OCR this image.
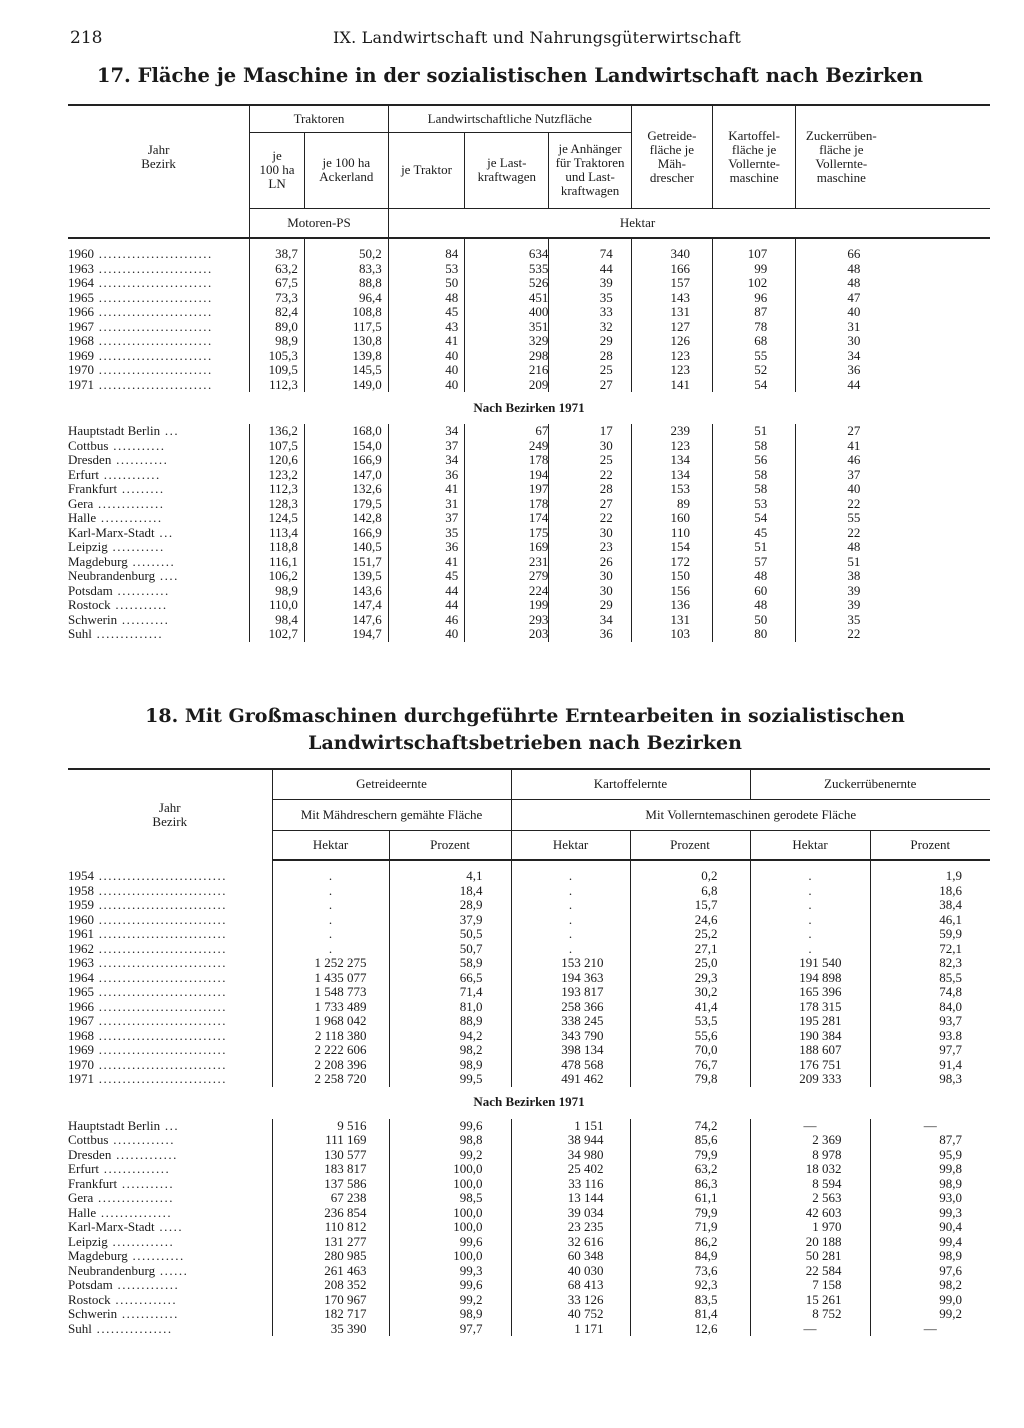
218	IX. Landwirtschaft und Nahrungsgüterwirtschaft
17. Fläche je Maschine in der sozialistischen Landwirtschaft nach Bezirken
Jahr
Bezirk	Traktoren		Landwirtschaftliche Nutzfläche			Getreide-
fläche je
Mäh-
drescher	Kartoffel-
fläche je
Vollernte-
maschine	Zuckerrüben-
fläche je
Vollernte-
maschine	
	je
100 ha
LN	je 100 ha
Ackerland	je Traktor	je Last-
kraftwagen	je Anhänger
für Traktoren
und Last-
kraftwagen				
	Motoren-PS		Hektar						

1960 ........................	38,7	50,2	84	634	74	340	107	66	
1963 ........................	63,2	83,3	53	535	44	166	99	48	
1964 ........................	67,5	88,8	50	526	39	157	102	48	
1965 ........................	73,3	96,4	48	451	35	143	96	47	
1966 ........................	82,4	108,8	45	400	33	131	87	40	
1967 ........................	89,0	117,5	43	351	32	127	78	31	
1968 ........................	98,9	130,8	41	329	29	126	68	30	
1969 ........................	105,3	139,8	40	298	28	123	55	34	
1970 ........................	109,5	145,5	40	216	25	123	52	36	
1971 ........................	112,3	149,0	40	209	27	141	54	44	
Nach Bezirken 1971									
Hauptstadt Berlin ...	136,2	168,0	34	67	17	239	51	27	
Cottbus ...........	107,5	154,0	37	249	30	123	58	41	
Dresden ...........	120,6	166,9	34	178	25	134	56	46	
Erfurt ............	123,2	147,0	36	194	22	134	58	37	
Frankfurt .........	112,3	132,6	41	197	28	153	58	40	
Gera ..............	128,3	179,5	31	178	27	89	53	22	
Halle .............	124,5	142,8	37	174	22	160	54	55	
Karl-Marx-Stadt ...	113,4	166,9	35	175	30	110	45	22	
Leipzig ...........	118,8	140,5	36	169	23	154	51	48	
Magdeburg .........	116,1	151,7	41	231	26	172	57	51	
Neubrandenburg ....	106,2	139,5	45	279	30	150	48	38	
Potsdam ...........	98,9	143,6	44	224	30	156	60	39	
Rostock ...........	110,0	147,4	44	199	29	136	48	39	
Schwerin ..........	98,4	147,6	46	293	34	131	50	35	
Suhl ..............	102,7	194,7	40	203	36	103	80	22	
18. Mit Großmaschinen durchgeführte Erntearbeiten in sozialistischen Landwirtschaftsbetrieben nach Bezirken
Jahr
Bezirk	Getreideernte		Kartoffelernte		Zuckerrübenernte	
	Mit Mähdreschern gemähte Fläche		Mit Vollerntemaschinen gerodete Fläche			
	Hektar	Prozent	Hektar	Prozent	Hektar	Prozent

1954 ...........................	.	4,1	.	0,2	.	1,9
1958 ...........................	.	18,4	.	6,8	.	18,6
1959 ...........................	.	28,9	.	15,7	.	38,4
1960 ...........................	.	37,9	.	24,6	.	46,1
1961 ...........................	.	50,5	.	25,2	.	59,9
1962 ...........................	.	50,7	.	27,1	.	72,1
1963 ...........................	1 252 275	58,9	153 210	25,0	191 540	82,3
1964 ...........................	1 435 077	66,5	194 363	29,3	194 898	85,5
1965 ...........................	1 548 773	71,4	193 817	30,2	165 396	74,8
1966 ...........................	1 733 489	81,0	258 366	41,4	178 315	84,0
1967 ...........................	1 968 042	88,9	338 245	53,5	195 281	93,7
1968 ...........................	2 118 380	94,2	343 790	55,6	190 384	93.8
1969 ...........................	2 222 606	98,2	398 134	70,0	188 607	97,7
1970 ...........................	2 208 396	98,9	478 568	76,7	176 751	91,4
1971 ...........................	2 258 720	99,5	491 462	79,8	209 333	98,3
Nach Bezirken 1971						
Hauptstadt Berlin ...	9 516	99,6	1 151	74,2	—	—
Cottbus .............	111 169	98,8	38 944	85,6	2 369	87,7
Dresden .............	130 577	99,2	34 980	79,9	8 978	95,9
Erfurt ..............	183 817	100,0	25 402	63,2	18 032	99,8
Frankfurt ...........	137 586	100,0	33 116	86,3	8 594	98,9
Gera ................	67 238	98,5	13 144	61,1	2 563	93,0
Halle ...............	236 854	100,0	39 034	79,9	42 603	99,3
Karl-Marx-Stadt .....	110 812	100,0	23 235	71,9	1 970	90,4
Leipzig .............	131 277	99,6	32 616	86,2	20 188	99,4
Magdeburg ...........	280 985	100,0	60 348	84,9	50 281	98,9
Neubrandenburg ......	261 463	99,3	40 030	73,6	22 584	97,6
Potsdam .............	208 352	99,6	68 413	92,3	7 158	98,2
Rostock .............	170 967	99,2	33 126	83,5	15 261	99,0
Schwerin ............	182 717	98,9	40 752	81,4	8 752	99,2
Suhl ................	35 390	97,7	1 171	12,6	—	—
